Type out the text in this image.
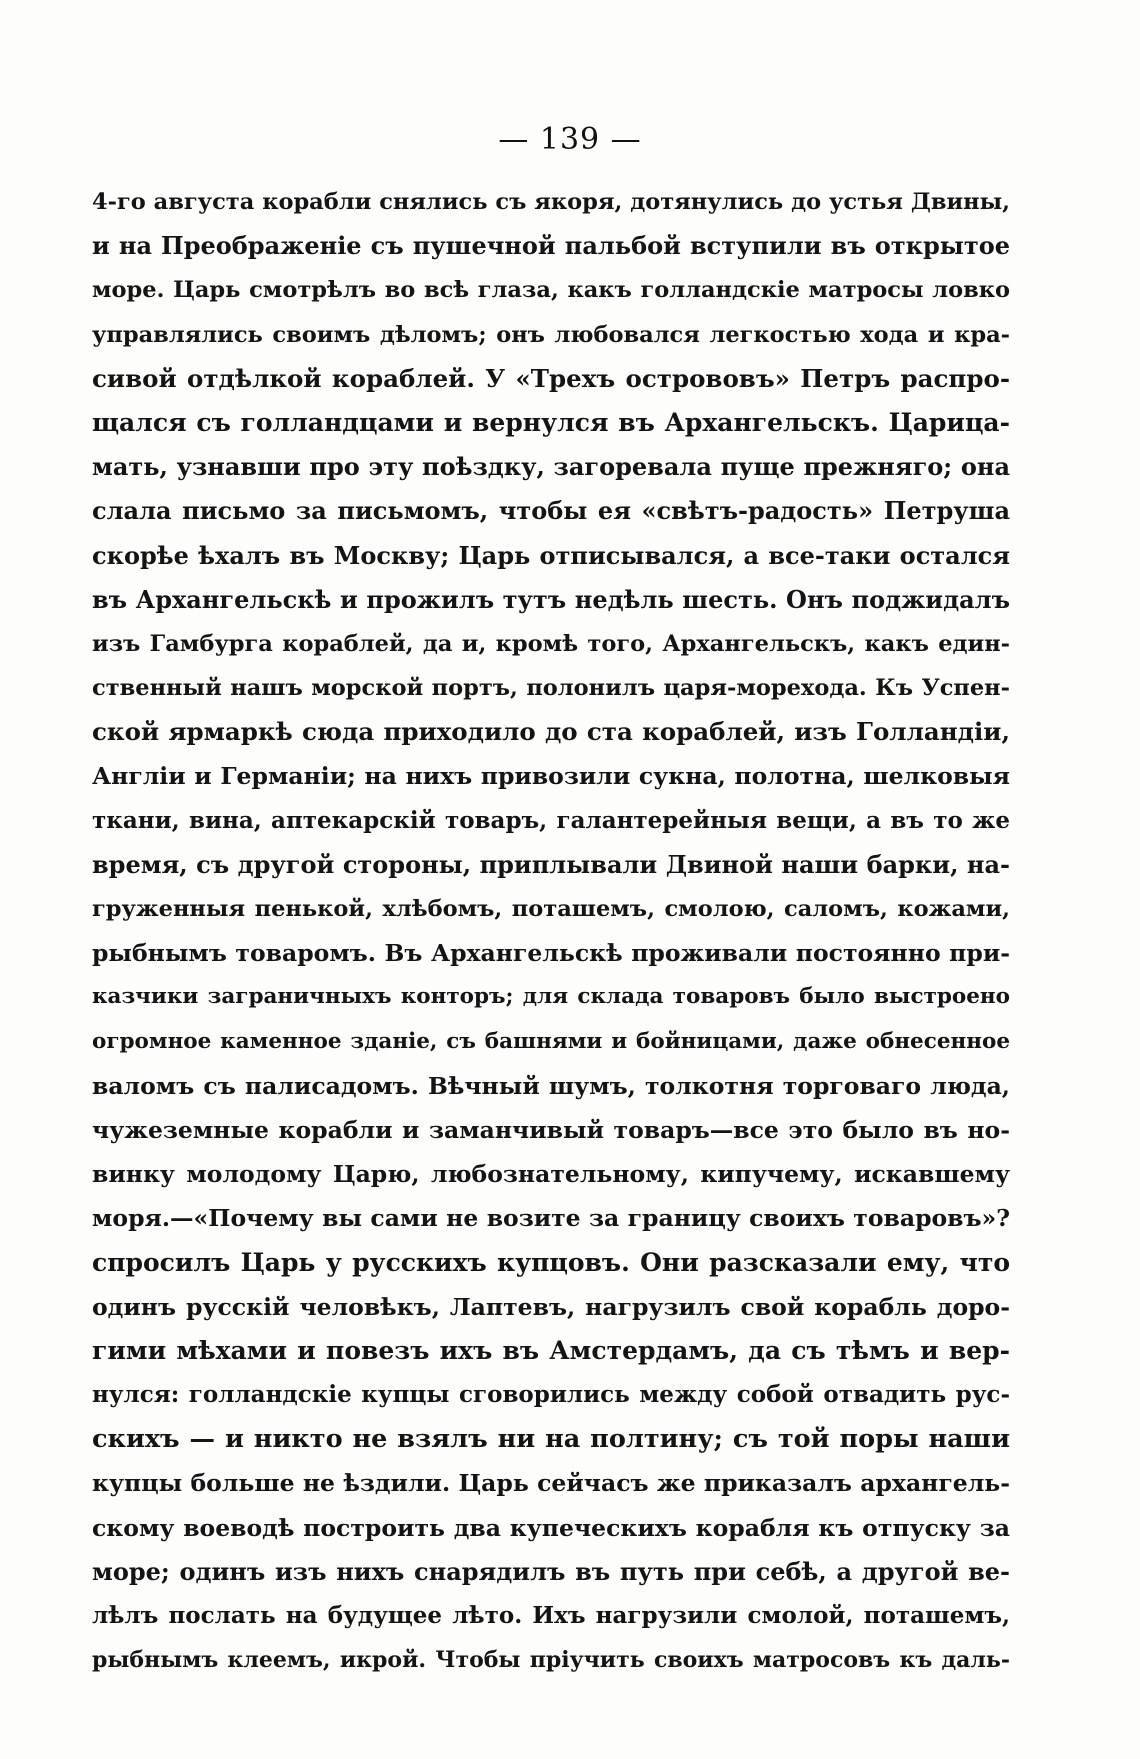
— 139 —
4-го августа корабли снялись съ якоря, дотянулись до устья Двины,
и на Преображеніе съ пушечной пальбой вступили въ открытое
море. Царь смотрѣлъ во всѣ глаза, какъ голландскіе матросы ловко
управлялись своимъ дѣломъ; онъ любовался легкостью хода и кра-
сивой отдѣлкой кораблей. У «Трехъ острововъ» Петръ распро-
щался съ голландцами и вернулся въ Архангельскъ. Царица-
мать, узнавши про эту поѣздку, загоревала пуще прежняго; она
слала письмо за письмомъ, чтобы ея «свѣтъ-радость» Петруша
скорѣе ѣхалъ въ Москву; Царь отписывался, а все-таки остался
въ Архангельскѣ и прожилъ тутъ недѣль шесть. Онъ поджидалъ
изъ Гамбурга кораблей, да и, кромѣ того, Архангельскъ, какъ един-
ственный нашъ морской портъ, полонилъ царя-мореходa. Къ Успен-
ской ярмаркѣ сюда приходило до ста кораблей, изъ Голландіи,
Англіи и Германіи; на нихъ привозили сукна, полотна, шелковыя
ткани, вина, аптекарскій товаръ, галантерейныя вещи, а въ то же
время, съ другой стороны, приплывали Двиной наши барки, на-
груженныя пенькой, хлѣбомъ, поташемъ, смолою, саломъ, кожами,
рыбнымъ товаромъ. Въ Архангельскѣ проживали постоянно при-
казчики заграничныхъ конторъ; для склада товаровъ было выстроено
огромное каменное зданіе, съ башнями и бойницами, даже обнесенное
валомъ съ палисадомъ. Вѣчный шумъ, толкотня торговаго люда,
чужеземные корабли и заманчивый товаръ—все это было въ но-
винку молодому Царю, любознательному, кипучему, искавшему
моря.—«Почему вы сами не возите за границу своихъ товаровъ»?
спросилъ Царь у русскихъ купцовъ. Они разсказали ему, что
одинъ русскій человѣкъ, Лаптевъ, нагрузилъ свой корабль доро-
гими мѣхами и повезъ ихъ въ Амстердамъ, да съ тѣмъ и вер-
нулся: голландскіе купцы сговорились между собой отвадить рус-
скихъ — и никто не взялъ ни на полтину; съ той поры наши
купцы больше не ѣздили. Царь сейчасъ же приказалъ архангель-
скому воеводѣ построить два купеческихъ корабля къ отпуску за
море; одинъ изъ нихъ снарядилъ въ путь при себѣ, а другой ве-
лѣлъ послать на будущее лѣто. Ихъ нагрузили смолой, поташемъ,
рыбнымъ клеемъ, икрой. Чтобы пріучить своихъ матросовъ къ даль-
